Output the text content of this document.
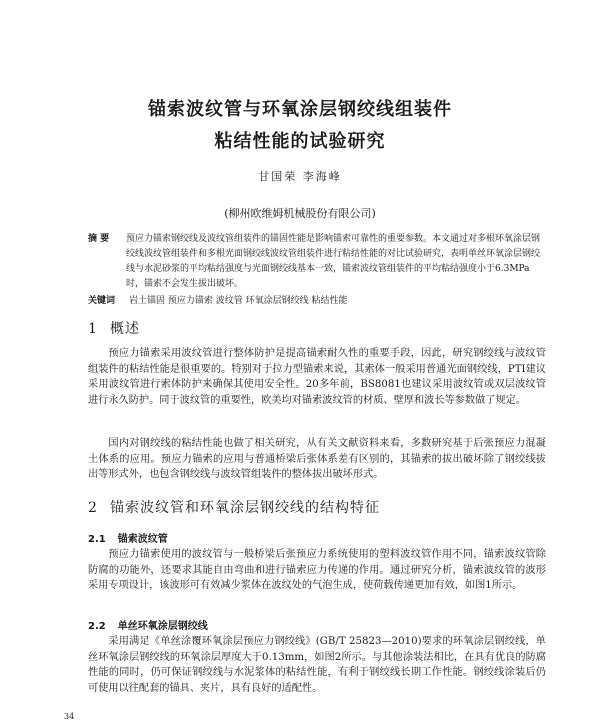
锚索波纹管与环氧涂层钢绞线组装件
粘结性能的试验研究
甘国荣 李海峰
(柳州欧维姆机械股份有限公司)
摘 要 预应力锚索钢绞线及波纹管组装件的锚固性能是影响锚索可靠性的重要参数。本文通过对多根环氧涂层钢绞线波纹管组装件和多根光面钢绞线波纹管组装件进行粘结性能的对比试验研究，表明单丝环氧涂层钢绞线与水泥砂浆的平均粘结强度与光面钢绞线基本一致，锚索波纹管组装件的平均粘结强度小于6.3MPa时，锚索不会发生拔出破坏。
关键词 岩土锚固 预应力锚索 波纹管 环氧涂层钢绞线 粘结性能
1 概述
预应力锚索采用波纹管进行整体防护是提高锚索耐久性的重要手段，因此，研究钢绞线与波纹管组装件的粘结性能是很重要的。特别对于拉力型锚索来说，其索体一般采用普通光面钢绞线，PTI建议采用波纹管进行索体防护来确保其使用安全性。20多年前，BS8081也建议采用波纹管或双层波纹管进行永久防护。同于波纹管的重要性，欧美均对锚索波纹管的材质、壁厚和波长等参数做了规定。
国内对钢绞线的粘结性能也做了相关研究，从有关文献资料来看，多数研究基于后张预应力混凝土体系的应用。预应力锚索的应用与普通桥梁后张体系差有区别的，其锚索的拔出破坏除了钢绞线拔出等形式外，也包含钢绞线与波纹管组装件的整体拔出破坏形式。
2 锚索波纹管和环氧涂层钢绞线的结构特征
2.1 锚索波纹管
预应力锚索使用的波纹管与一般桥梁后张预应力系统使用的塑料波纹管作用不同，锚索波纹管除防腐的功能外，还要求其能自由弯曲和进行锚索应力传递的作用。通过研究分析，锚索波纹管的波形采用专项设计，该波形可有效减少浆体在波纹处的气泡生成，使荷载传递更加有效，如图1所示。
2.2 单丝环氧涂层钢绞线
采用满足《单丝涂覆环氧涂层预应力钢绞线》(GB/T 25823—2010)要求的环氧涂层钢绞线，单丝环氧涂层钢绞线的环氧涂层厚度大于0.13mm，如图2所示。与其他涂装法相比，在具有优良的防腐性能的同时，仍可保证钢绞线与水泥浆体的粘结性能，有利于钢绞线长期工作性能。钢绞线涂装后仍可使用以往配套的锚具、夹片，具有良好的适配性。
34
